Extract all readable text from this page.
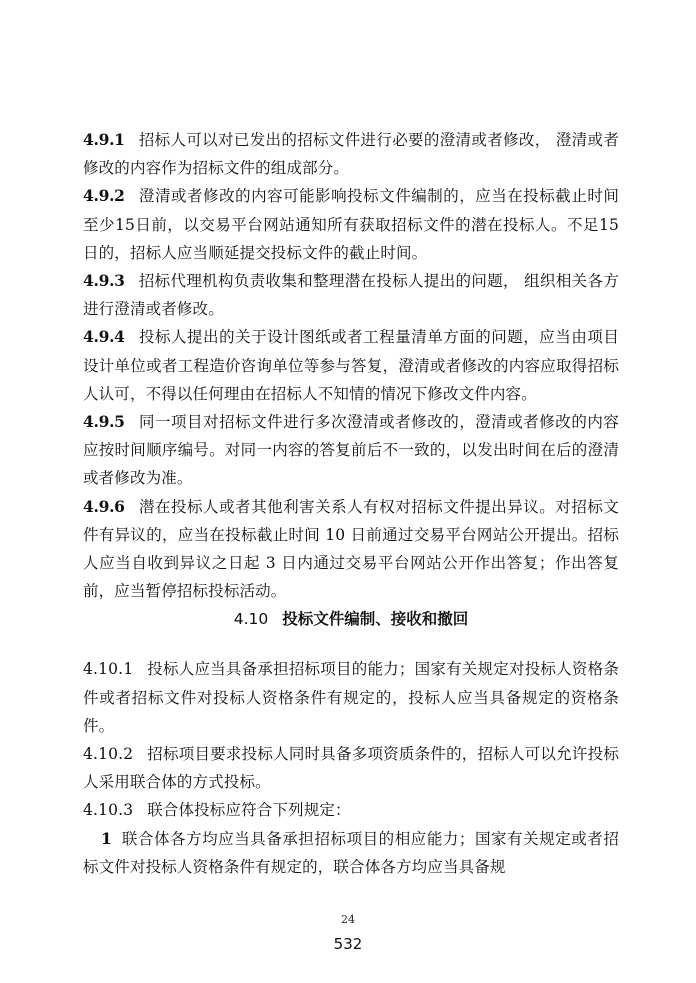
4.9.1 招标人可以对已发出的招标文件进行必要的澄清或者修改， 澄清或者修改的内容作为招标文件的组成部分。

4.9.2 澄清或者修改的内容可能影响投标文件编制的，应当在投标截止时间至少15日前，以交易平台网站通知所有获取招标文件的潜在投标人。不足15日的，招标人应当顺延提交投标文件的截止时间。

4.9.3 招标代理机构负责收集和整理潜在投标人提出的问题， 组织相关各方进行澄清或者修改。

4.9.4 投标人提出的关于设计图纸或者工程量清单方面的问题，应当由项目设计单位或者工程造价咨询单位等参与答复，澄清或者修改的内容应取得招标人认可，不得以任何理由在招标人不知情的情况下修改文件内容。

4.9.5 同一项目对招标文件进行多次澄清或者修改的，澄清或者修改的内容应按时间顺序编号。对同一内容的答复前后不一致的，以发出时间在后的澄清或者修改为准。

4.9.6 潜在投标人或者其他利害关系人有权对招标文件提出异议。对招标文件有异议的，应当在投标截止时间 10 日前通过交易平台网站公开提出。招标人应当自收到异议之日起 3 日内通过交易平台网站公开作出答复；作出答复前，应当暂停招标投标活动。

4.10 投标文件编制、接收和撤回

4.10.1 投标人应当具备承担招标项目的能力；国家有关规定对投标人资格条件或者招标文件对投标人资格条件有规定的，投标人应当具备规定的资格条件。

4.10.2 招标项目要求投标人同时具备多项资质条件的，招标人可以允许投标人采用联合体的方式投标。

4.10.3 联合体投标应符合下列规定：

1 联合体各方均应当具备承担招标项目的相应能力；国家有关规定或者招标文件对投标人资格条件有规定的，联合体各方均应当具备规

24
532
